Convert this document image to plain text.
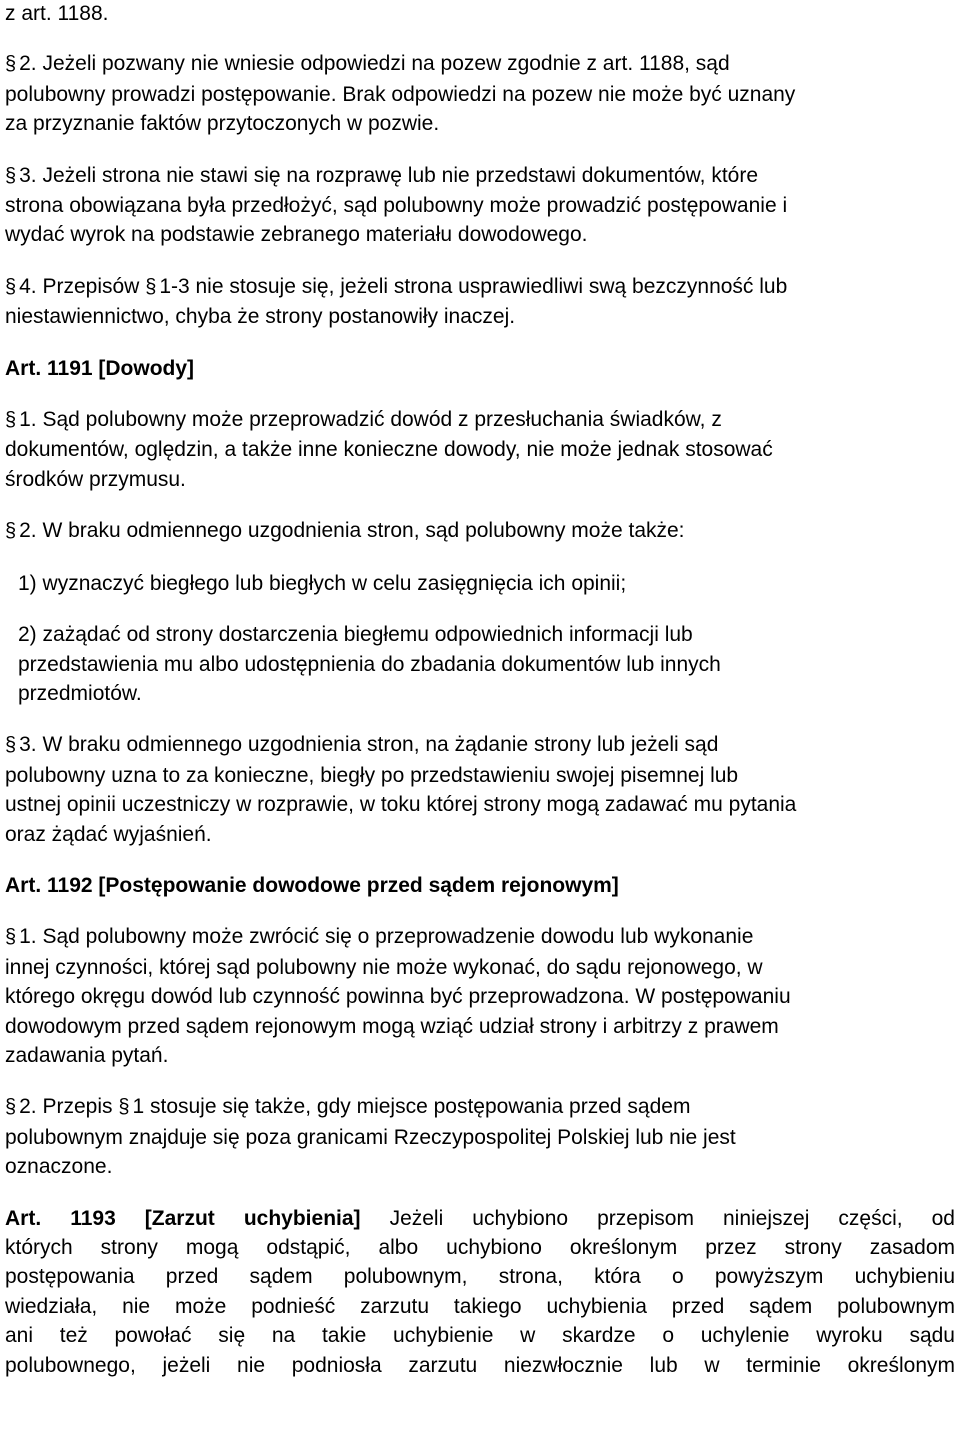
z art. 1188.

§ 2. Jeżeli pozwany nie wniesie odpowiedzi na pozew zgodnie z art. 1188, sąd
polubowny prowadzi postępowanie. Brak odpowiedzi na pozew nie może być uznany
za przyznanie faktów przytoczonych w pozwie.

§ 3. Jeżeli strona nie stawi się na rozprawę lub nie przedstawi dokumentów, które
strona obowiązana była przedłożyć, sąd polubowny może prowadzić postępowanie i
wydać wyrok na podstawie zebranego materiału dowodowego.

§ 4. Przepisów § 1-3 nie stosuje się, jeżeli strona usprawiedliwi swą bezczynność lub
niestawiennictwo, chyba że strony postanowiły inaczej.

Art. 1191 [Dowody]

§ 1. Sąd polubowny może przeprowadzić dowód z przesłuchania świadków, z
dokumentów, oględzin, a także inne konieczne dowody, nie może jednak stosować
środków przymusu.

§ 2. W braku odmiennego uzgodnienia stron, sąd polubowny może także:

1) wyznaczyć biegłego lub biegłych w celu zasięgnięcia ich opinii;

2) zażądać od strony dostarczenia biegłemu odpowiednich informacji lub
przedstawienia mu albo udostępnienia do zbadania dokumentów lub innych
przedmiotów.

§ 3. W braku odmiennego uzgodnienia stron, na żądanie strony lub jeżeli sąd
polubowny uzna to za konieczne, biegły po przedstawieniu swojej pisemnej lub
ustnej opinii uczestniczy w rozprawie, w toku której strony mogą zadawać mu pytania
oraz żądać wyjaśnień.

Art. 1192 [Postępowanie dowodowe przed sądem rejonowym]

§ 1. Sąd polubowny może zwrócić się o przeprowadzenie dowodu lub wykonanie
innej czynności, której sąd polubowny nie może wykonać, do sądu rejonowego, w
którego okręgu dowód lub czynność powinna być przeprowadzona. W postępowaniu
dowodowym przed sądem rejonowym mogą wziąć udział strony i arbitrzy z prawem
zadawania pytań.

§ 2. Przepis § 1 stosuje się także, gdy miejsce postępowania przed sądem
polubownym znajduje się poza granicami Rzeczypospolitej Polskiej lub nie jest
oznaczone.

Art. 1193 [Zarzut uchybienia] Jeżeli uchybiono przepisom niniejszej części, od
których strony mogą odstąpić, albo uchybiono określonym przez strony zasadom
postępowania przed sądem polubownym, strona, która o powyższym uchybieniu
wiedziała, nie może podnieść zarzutu takiego uchybienia przed sądem polubownym
ani też powołać się na takie uchybienie w skardze o uchylenie wyroku sądu
polubownego, jeżeli nie podniosła zarzutu niezwłocznie lub w terminie określonym
